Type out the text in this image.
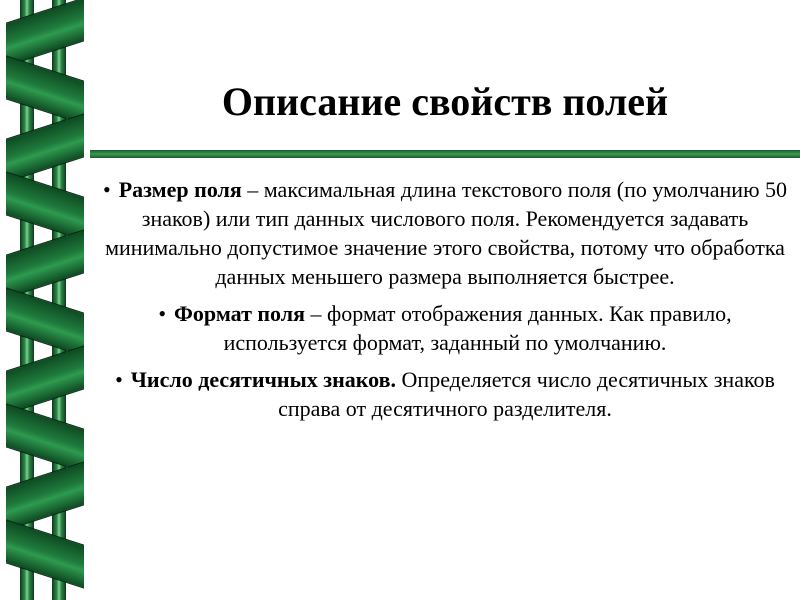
Описание свойств полей
• Размер поля – максимальная длина текстового поля (по умолчанию 50 знаков) или тип данных числового поля. Рекомендуется задавать минимально допустимое значение этого свойства, потому что обработка данных меньшего размера выполняется быстрее.
• Формат поля – формат отображения данных. Как правило, используется формат, заданный по умолчанию.
• Число десятичных знаков. Определяется число десятичных знаков справа от десятичного разделителя.
